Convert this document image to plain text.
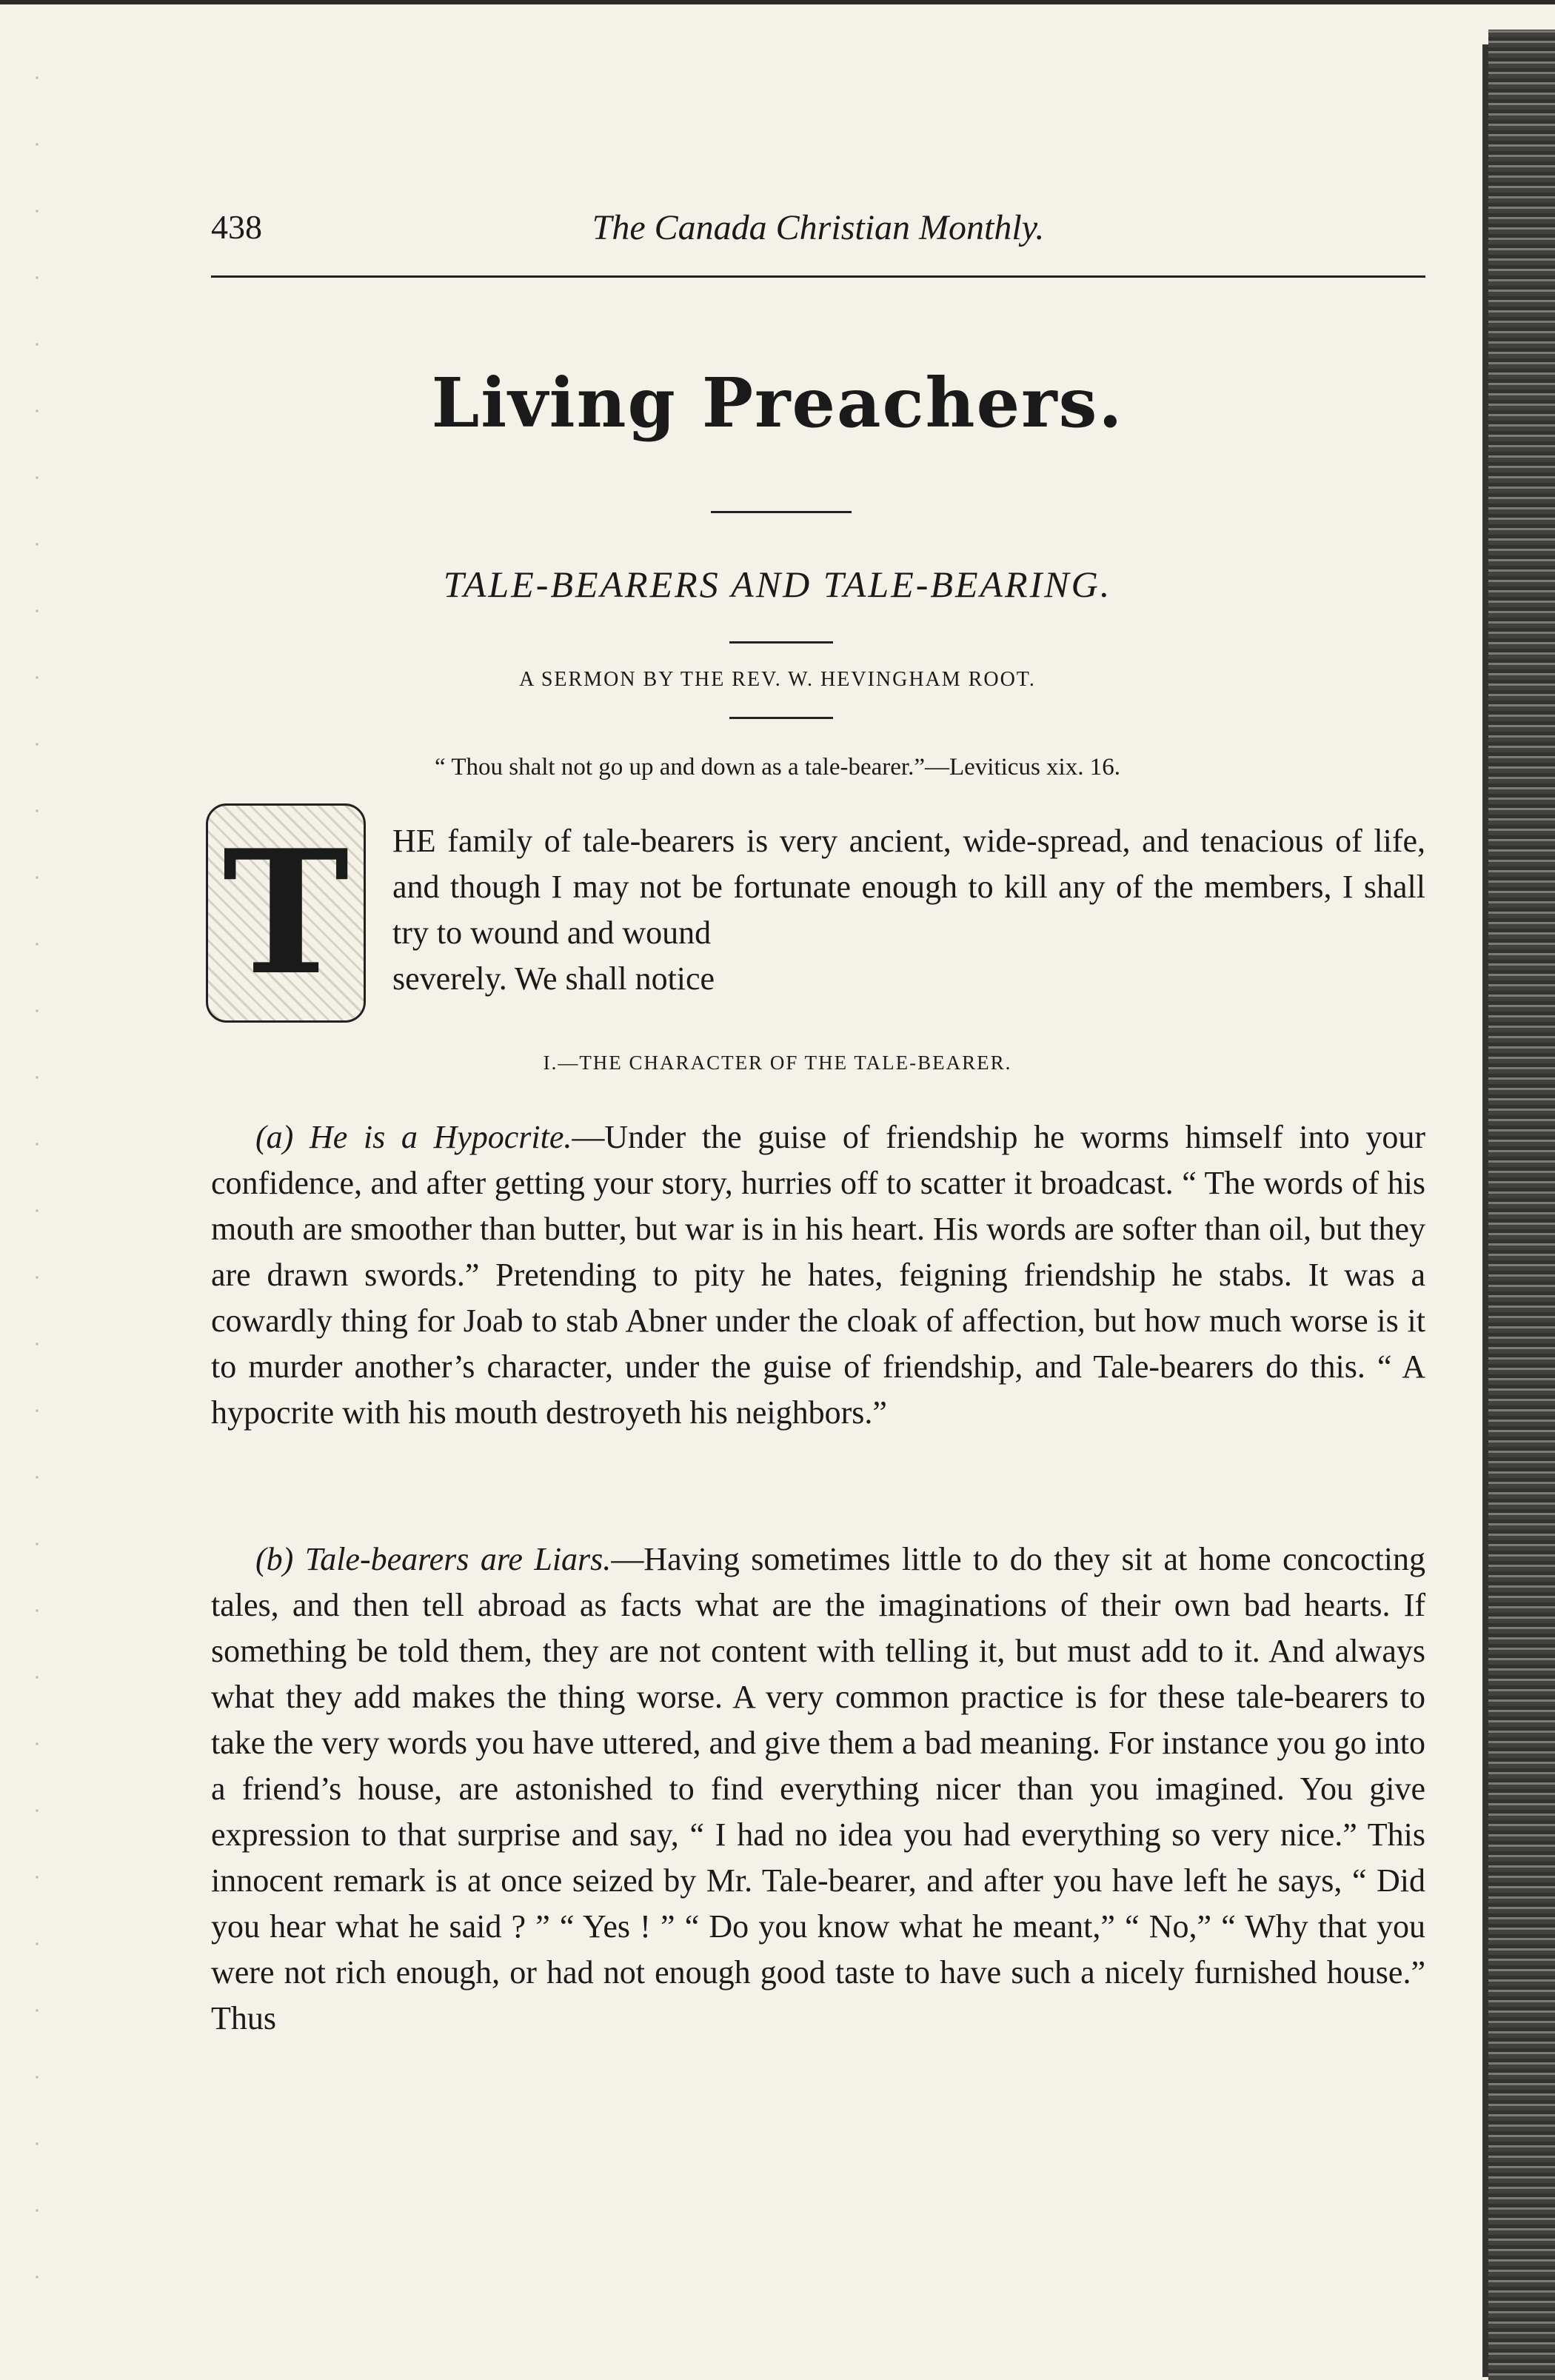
438	The Canada Christian Monthly.
Living Preachers.
TALE-BEARERS AND TALE-BEARING.
A SERMON BY THE REV. W. HEVINGHAM ROOT.
“ Thou shalt not go up and down as a tale-bearer.”—Leviticus xix. 16.
T	HE family of tale-bearers is very ancient, wide-spread, and tenacious of life, and though I may not be fortunate enough to kill any of the members, I shall try to wound and wound
severely. We shall notice
I.—THE CHARACTER OF THE TALE-BEARER.
(a) He is a Hypocrite.—Under the guise of friendship he worms himself into your confidence, and after getting your story, hurries off to scatter it broadcast. “ The words of his mouth are smoother than butter, but war is in his heart. His words are softer than oil, but they are drawn swords.” Pretending to pity he hates, feigning friendship he stabs. It was a cowardly thing for Joab to stab Abner under the cloak of affection, but how much worse is it to murder another’s character, under the guise of friendship, and Tale-bearers do this. “ A hypocrite with his mouth destroyeth his neighbors.”
(b) Tale-bearers are Liars.—Having sometimes little to do they sit at home concocting tales, and then tell abroad as facts what are the imaginations of their own bad hearts. If something be told them, they are not content with telling it, but must add to it. And always what they add makes the thing worse. A very common practice is for these tale-bearers to take the very words you have uttered, and give them a bad meaning. For instance you go into a friend’s house, are astonished to find everything nicer than you imagined. You give expression to that surprise and say, “ I had no idea you had everything so very nice.” This innocent remark is at once seized by Mr. Tale-bearer, and after you have left he says, “ Did you hear what he said ? ” “ Yes ! ” “ Do you know what he meant,” “ No,” “ Why that you were not rich enough, or had not enough good taste to have such a nicely furnished house.” Thus
